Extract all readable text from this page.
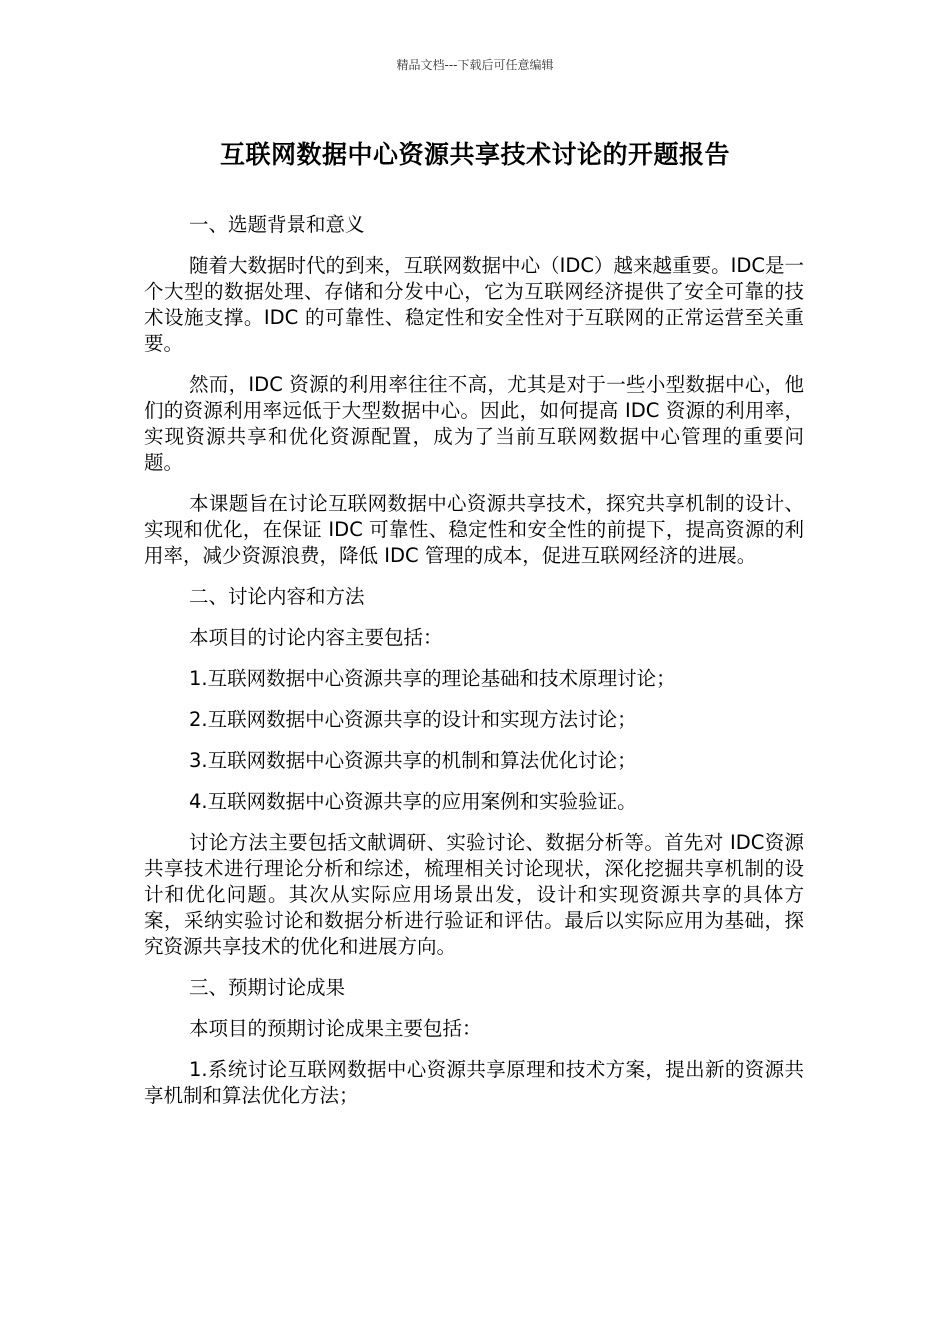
精品文档---下载后可任意编辑
互联网数据中心资源共享技术讨论的开题报告

一、选题背景和意义

随着大数据时代的到来，互联网数据中心（IDC）越来越重要。IDC是一个大型的数据处理、存储和分发中心，它为互联网经济提供了安全可靠的技术设施支撑。IDC 的可靠性、稳定性和安全性对于互联网的正常运营至关重要。

然而，IDC 资源的利用率往往不高，尤其是对于一些小型数据中心，他们的资源利用率远低于大型数据中心。因此，如何提高 IDC 资源的利用率，实现资源共享和优化资源配置，成为了当前互联网数据中心管理的重要问题。

本课题旨在讨论互联网数据中心资源共享技术，探究共享机制的设计、实现和优化，在保证 IDC 可靠性、稳定性和安全性的前提下，提高资源的利用率，减少资源浪费，降低 IDC 管理的成本，促进互联网经济的进展。

二、讨论内容和方法

本项目的讨论内容主要包括：

1.互联网数据中心资源共享的理论基础和技术原理讨论；

2.互联网数据中心资源共享的设计和实现方法讨论；

3.互联网数据中心资源共享的机制和算法优化讨论；

4.互联网数据中心资源共享的应用案例和实验验证。

讨论方法主要包括文献调研、实验讨论、数据分析等。首先对 IDC资源共享技术进行理论分析和综述，梳理相关讨论现状，深化挖掘共享机制的设计和优化问题。其次从实际应用场景出发，设计和实现资源共享的具体方案，采纳实验讨论和数据分析进行验证和评估。最后以实际应用为基础，探究资源共享技术的优化和进展方向。

三、预期讨论成果

本项目的预期讨论成果主要包括：

1.系统讨论互联网数据中心资源共享原理和技术方案，提出新的资源共享机制和算法优化方法；
